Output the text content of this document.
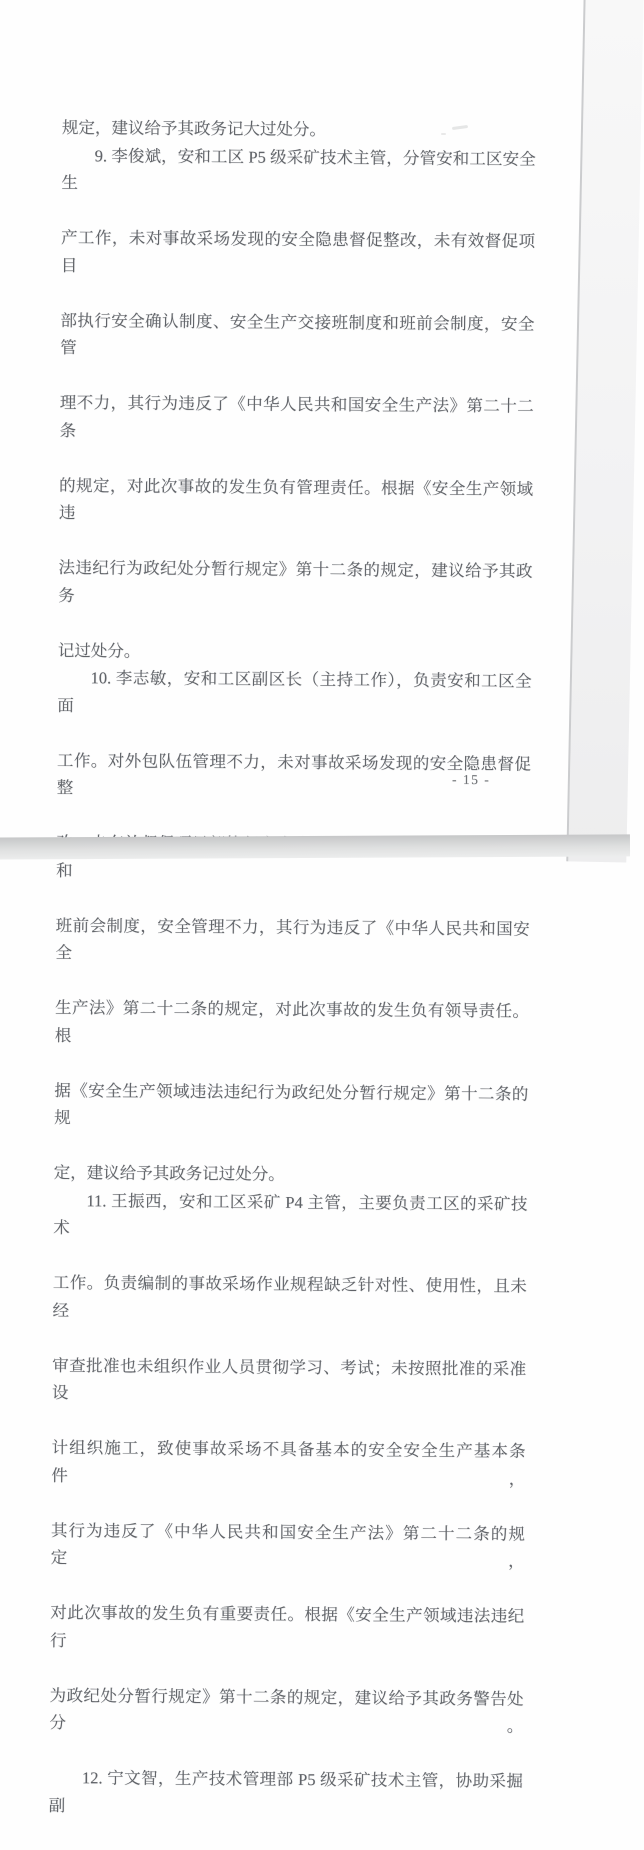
规定，建议给予其政务记大过处分。
9. 李俊斌，安和工区 P5 级采矿技术主管，分管安和工区安全生
产工作，未对事故采场发现的安全隐患督促整改，未有效督促项目
部执行安全确认制度、安全生产交接班制度和班前会制度，安全管
理不力，其行为违反了《中华人民共和国安全生产法》第二十二条
的规定，对此次事故的发生负有管理责任。根据《安全生产领域违
法违纪行为政纪处分暂行规定》第十二条的规定，建议给予其政务
记过处分。
10. 李志敏，安和工区副区长（主持工作），负责安和工区全面
工作。对外包队伍管理不力，未对事故采场发现的安全隐患督促整
改，未有效督促项目部执行安全确认制度、安全生产交接班制度和
班前会制度，安全管理不力，其行为违反了《中华人民共和国安全
生产法》第二十二条的规定，对此次事故的发生负有领导责任。根
据《安全生产领域违法违纪行为政纪处分暂行规定》第十二条的规
定，建议给予其政务记过处分。
11. 王振西，安和工区采矿 P4 主管，主要负责工区的采矿技术
工作。负责编制的事故采场作业规程缺乏针对性、使用性，且未经
审查批准也未组织作业人员贯彻学习、考试；未按照批准的采准设
计组织施工，致使事故采场不具备基本的安全安全生产基本条件，
其行为违反了《中华人民共和国安全生产法》第二十二条的规定，
对此次事故的发生负有重要责任。根据《安全生产领域违法违纪行
为政纪处分暂行规定》第十二条的规定，建议给予其政务警告处分。
12. 宁文智，生产技术管理部 P5 级采矿技术主管，协助采掘副
- 15 -
